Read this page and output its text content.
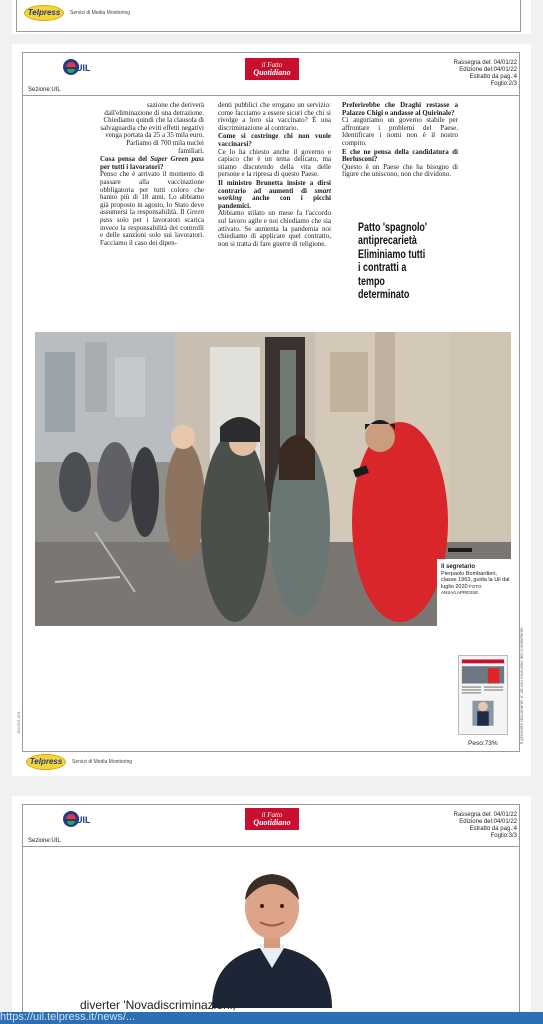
Telpress	Servizi di Media Monitoring
UIL	il Fatto
Quotidiano
Rassegna del: 04/01/22
Edizione del:04/01/22
Estratto da pag.:4
Foglio:2/3
Sezione:UIL

sazione che deriverà dall'eliminazione di una detrazione. Chiediamo quindi che la clausola di salvaguardia che eviti effetti negativi venga portata da 25 a 35 mila euro. Parliamo di 700 mila nuclei familiari.

Cosa pensa del Super Green pass per tutti i lavoratori?

Penso che è arrivato il momento di passare alla vaccinazione obbligatoria per tutti coloro che hanno più di 18 anni. Lo abbiamo già proposto in agosto, lo Stato deve assumersi la responsabilità. Il Green pass solo per i lavoratori scarica invece la responsabilità dei controlli e delle sanzioni solo sui lavoratori. Facciamo il caso dei dipen-

denti pubblici che erogano un servizio: come facciamo a essere sicuri che chi si rivolge a loro sia vaccinato? È una discriminazione al contrario.

Come si costringe chi non vuole vaccinarsi?

Ce lo ha chiesto anche il governo e capisco che è un tema delicato, ma stiamo discutendo della vita delle persone e la ripresa di questo Paese.

Il ministro Brunetta insiste a dirsi contrario ad aumenti di smart working anche con i picchi pandemici.

Abbiamo stilato un mese fa l'accordo sul lavoro agile e noi chiediamo che sia attivato. Se aumenta la pandemia noi chiediamo di applicare quel contratto, non si tratta di fare guerre di religione.

Preferirebbe che Draghi restasse a Palazzo Chigi o andasse al Quirinale?

Ci auguriamo un governo stabile per affrontare i problemi del Paese. Identificare i nomi non è il nostro compito.

E che ne pensa della candidatura di Berlusconi?

Questo è un Paese che ha bisogno di figure che uniscono, non che dividono.

Patto 'spagnolo' antiprecarietà Eliminiamo tutti i contratti a tempo determinato
Il segretario
Pierpaolo Bombardieri, classe 1963, guida la Uil dal luglio 2020 FOTO ANSA/LAPRESSE
Peso:73%
494-001-001	Il presente documento e' ad uso esclusivo del committente.
Telpress	Servizi di Media Monitoring
UIL	il Fatto
Quotidiano
Rassegna del: 04/01/22
Edizione del:04/01/22
Estratto da pag.:4
Foglio:3/3
Sezione:UIL
diverter 'Novadiscriminazioni,
https://uil.telpress.it/news/...
